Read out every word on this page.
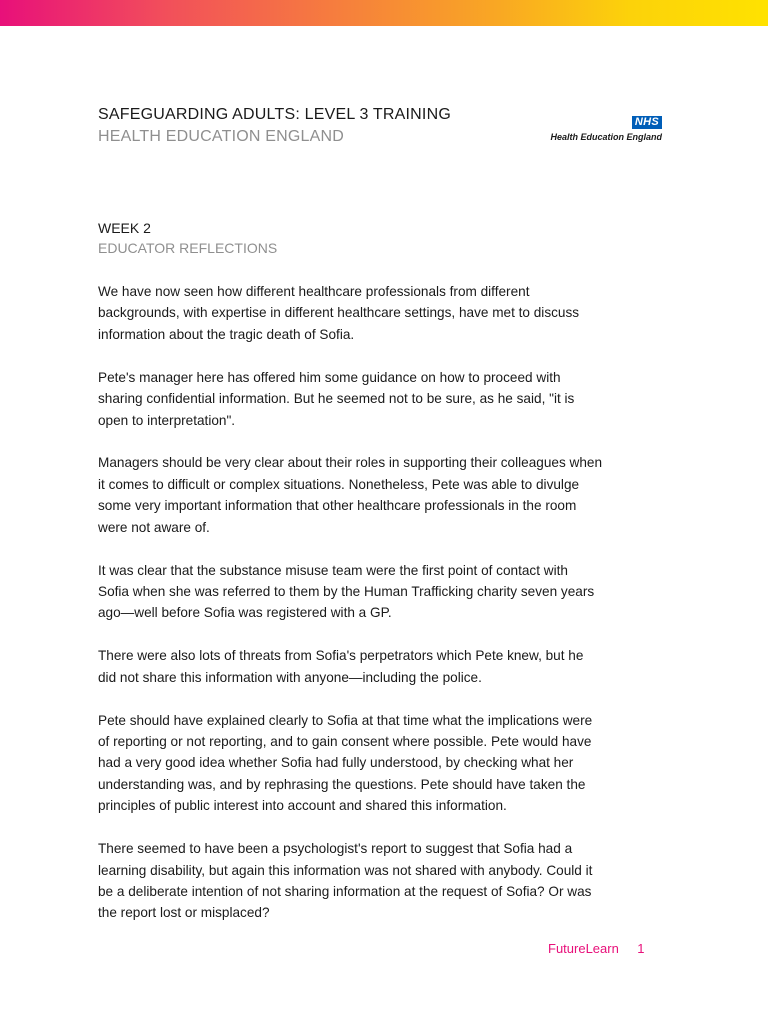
SAFEGUARDING ADULTS: LEVEL 3 TRAINING
HEALTH EDUCATION ENGLAND
NHS
Health Education England
WEEK 2
EDUCATOR REFLECTIONS

We have now seen how different healthcare professionals from different
backgrounds, with expertise in different healthcare settings, have met to discuss
information about the tragic death of Sofia.

Pete's manager here has offered him some guidance on how to proceed with
sharing confidential information. But he seemed not to be sure, as he said, "it is
open to interpretation".

Managers should be very clear about their roles in supporting their colleagues when
it comes to difficult or complex situations. Nonetheless, Pete was able to divulge
some very important information that other healthcare professionals in the room
were not aware of.

It was clear that the substance misuse team were the first point of contact with
Sofia when she was referred to them by the Human Trafficking charity seven years
ago—well before Sofia was registered with a GP.

There were also lots of threats from Sofia's perpetrators which Pete knew, but he
did not share this information with anyone—including the police.

Pete should have explained clearly to Sofia at that time what the implications were
of reporting or not reporting, and to gain consent where possible. Pete would have
had a very good idea whether Sofia had fully understood, by checking what her
understanding was, and by rephrasing the questions. Pete should have taken the
principles of public interest into account and shared this information.

There seemed to have been a psychologist's report to suggest that Sofia had a
learning disability, but again this information was not shared with anybody. Could it
be a deliberate intention of not sharing information at the request of Sofia? Or was
the report lost or misplaced?

FutureLearn 1
